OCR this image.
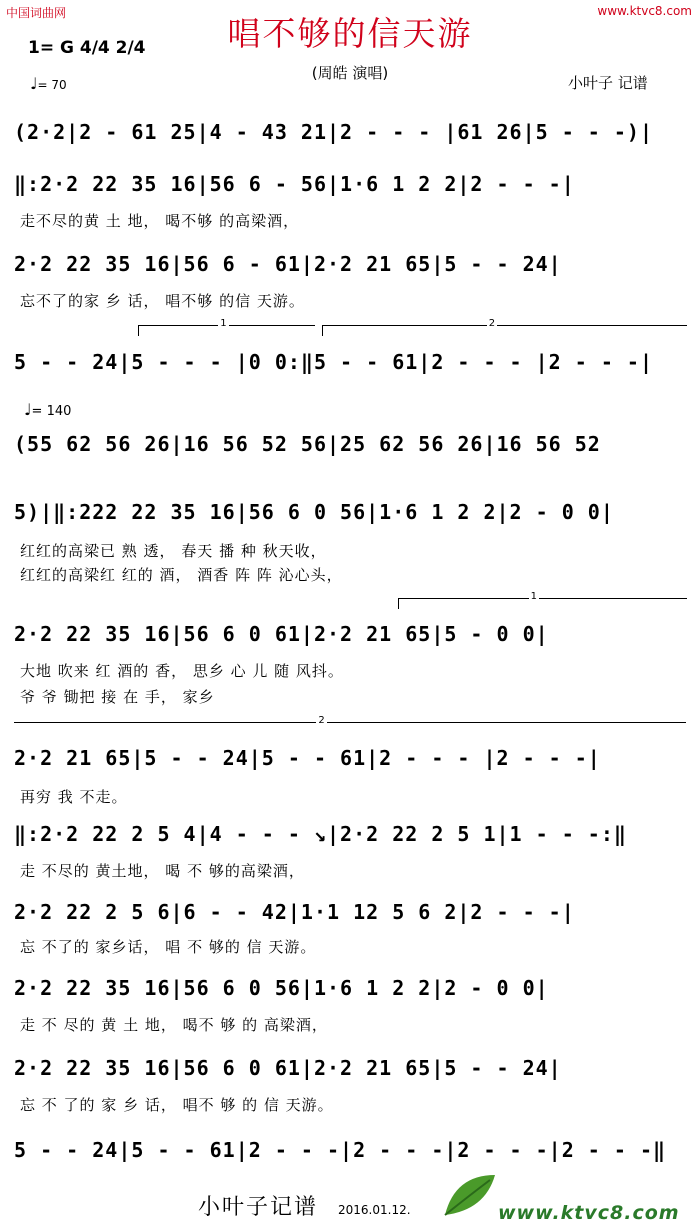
中国词曲网	www.ktvc8.com
唱不够的信天游
(周皓 演唱)
1= G 4/4 2/4
♩= 70	小叶子 记谱
(2·2|2 - 61 25|4 - 43 21|2 - - - |61 26|5 - - -)|
‖:2·2 22 35 16|56 6 - 56|1·6 1 2 2|2 - - -|
走不尽的黄 土 地， 喝不够 的高梁酒，
2·2 22 35 16|56 6 - 61|2·2 21 65|5 - - 24|
忘不了的家 乡 话， 唱不够 的信 天游。
1	2
5 - - 24|5 - - - |0 0:‖5 - - 61|2 - - - |2 - - -|
♩= 140
(55 62 56 26|16 56 52 56|25 62 56 26|16 56 52
5)|‖:222 22 35 16|56 6 0 56|1·6 1 2 2|2 - 0 0|
红红的高梁已 熟 透， 春天 播 种 秋天收，
红红的高梁红 红的 酒， 酒香 阵 阵 沁心头，
1
2·2 22 35 16|56 6 0 61|2·2 21 65|5 - 0 0|
大地 吹来 红 酒的 香， 思乡 心 儿 随 风抖。
爷 爷 锄把 接 在 手， 家乡
2
2·2 21 65|5 - - 24|5 - - 61|2 - - - |2 - - -|
再穷 我 不走。
‖:2·2 22 2 5 4|4 - - - ↘|2·2 22 2 5 1|1 - - -:‖
走 不尽的 黄土地， 喝 不 够的高梁酒，
2·2 22 2 5 6|6 - - 42|1·1 12 5 6 2|2 - - -|
忘 不了的 家乡话， 唱 不 够的 信 天游。
2·2 22 35 16|56 6 0 56|1·6 1 2 2|2 - 0 0|
走 不 尽的 黄 土 地， 喝不 够 的 高梁酒，
2·2 22 35 16|56 6 0 61|2·2 21 65|5 - - 24|
忘 不 了的 家 乡 话， 唱不 够 的 信 天游。
5 - - 24|5 - - 61|2 - - -|2 - - -|2 - - -|2 - - -‖
小叶子记谱 2016.01.12.	www.ktvc8.com
